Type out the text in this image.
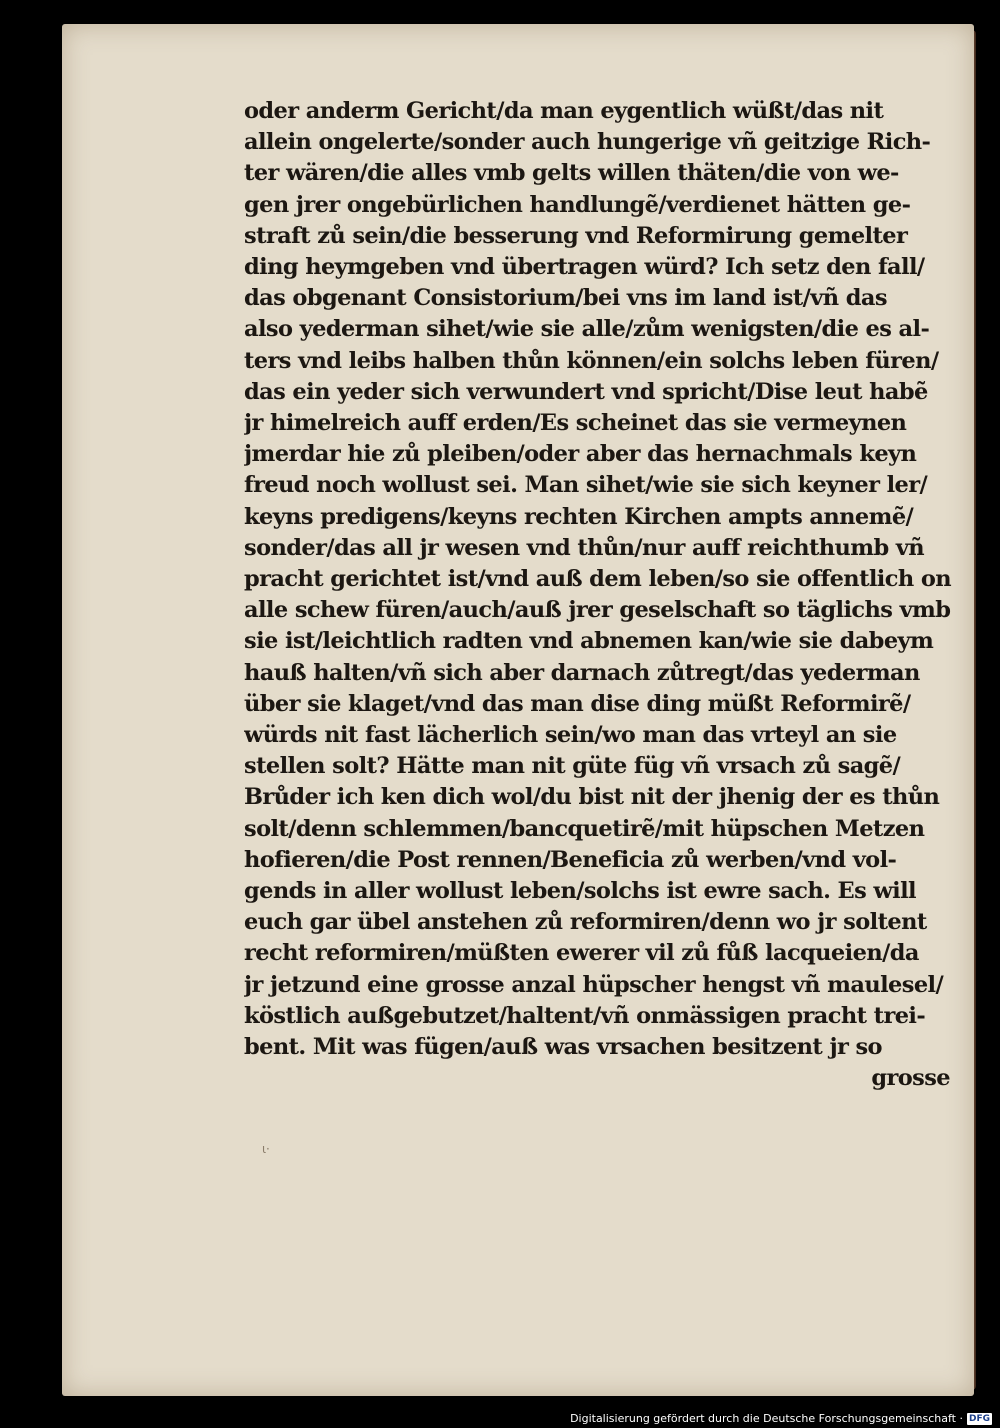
oder anderm Gericht/da man eygentlich wüßt/das nit
allein ongelerte/sonder auch hungerige vñ geitzige Rich-
ter wären/die alles vmb gelts willen thäten/die von we-
gen jrer ongebürlichen handlungẽ/verdienet hätten ge-
straft zů sein/die besserung vnd Reformirung gemelter
ding heymgeben vnd übertragen würd? Ich setz den fall/
das obgenant Consistorium/bei vns im land ist/vñ das
also yederman sihet/wie sie alle/zům wenigsten/die es al-
ters vnd leibs halben thůn können/ein solchs leben füren/
das ein yeder sich verwundert vnd spricht/Dise leut habẽ
jr himelreich auff erden/Es scheinet das sie vermeynen
jmerdar hie zů pleiben/oder aber das hernachmals keyn
freud noch wollust sei. Man sihet/wie sie sich keyner ler/
keyns predigens/keyns rechten Kirchen ampts annemẽ/
sonder/das all jr wesen vnd thůn/nur auff reichthumb vñ
pracht gerichtet ist/vnd auß dem leben/so sie offentlich on
alle schew füren/auch/auß jrer geselschaft so täglichs vmb
sie ist/leichtlich radten vnd abnemen kan/wie sie dabeym
hauß halten/vñ sich aber darnach zůtregt/das yederman
über sie klaget/vnd das man dise ding müßt Reformirẽ/
würds nit fast lächerlich sein/wo man das vrteyl an sie
stellen solt? Hätte man nit güte füg vñ vrsach zů sagẽ/
Brůder ich ken dich wol/du bist nit der jhenig der es thůn
solt/denn schlemmen/bancquetirẽ/mit hüpschen Metzen
hofieren/die Post rennen/Beneficia zů werben/vnd vol-
gends in aller wollust leben/solchs ist ewre sach. Es will
euch gar übel anstehen zů reformiren/denn wo jr soltent
recht reformiren/müßten ewerer vil zů fůß lacqueien/da
jr jetzund eine grosse anzal hüpscher hengst vñ maulesel/
köstlich außgebutzet/haltent/vñ onmässigen pracht trei-
bent. Mit was fügen/auß was vrsachen besitzent jr so
grosse
ι·
Digitalisierung gefördert durch die Deutsche Forschungsgemeinschaft · DFG
